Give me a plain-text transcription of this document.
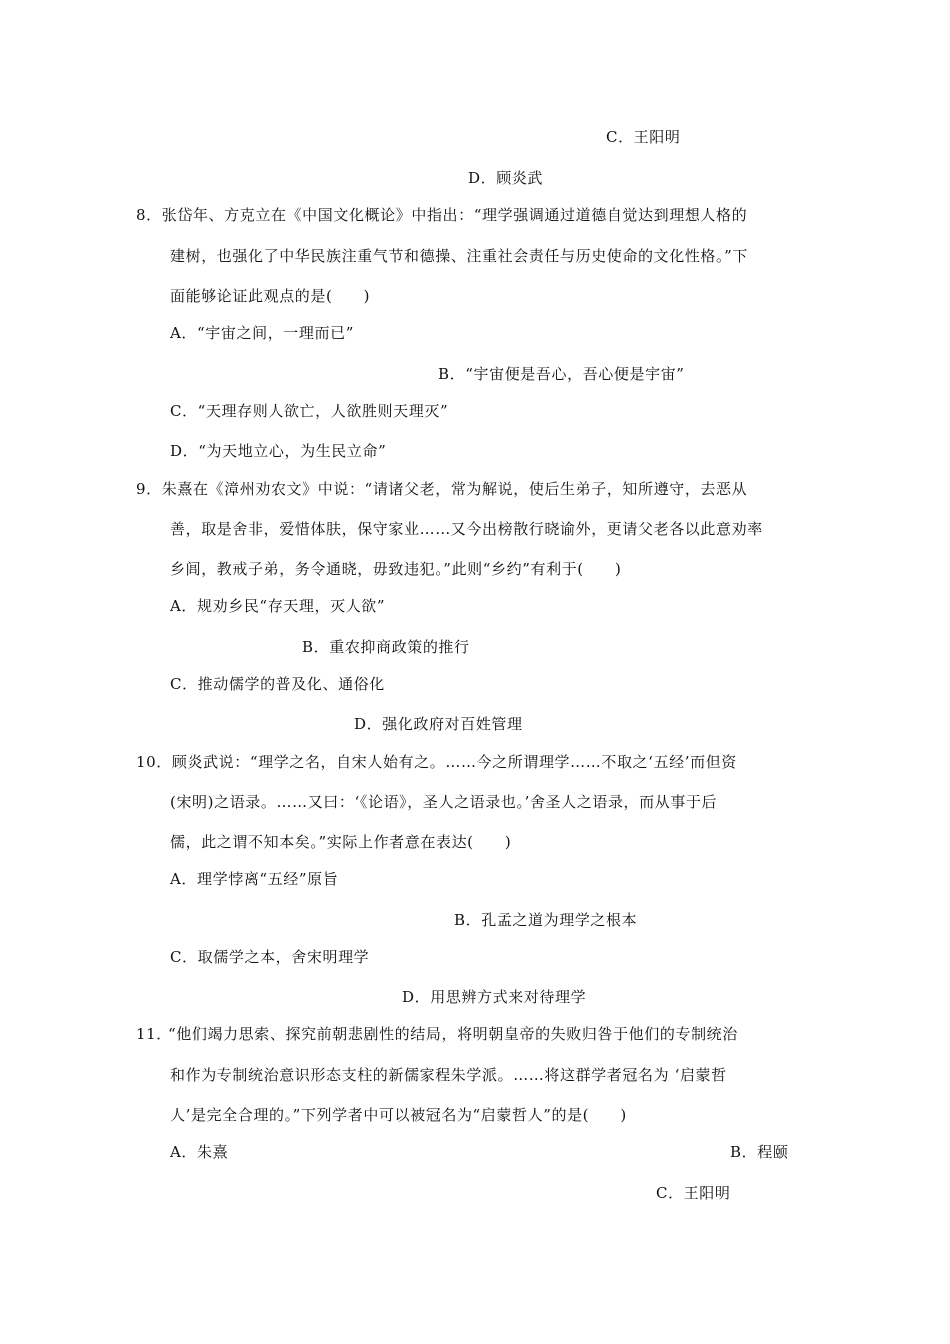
C．王阳明
D．顾炎武
8．张岱年、方克立在《中国文化概论》中指出：“理学强调通过道德自觉达到理想人格的
建树，也强化了中华民族注重气节和德操、注重社会责任与历史使命的文化性格。”下
面能够论证此观点的是(　　)
A．“宇宙之间，一理而已”
B．“宇宙便是吾心，吾心便是宇宙”
C．“天理存则人欲亡，人欲胜则天理灭”
D．“为天地立心，为生民立命”
9．朱熹在《漳州劝农文》中说：“请诸父老，常为解说，使后生弟子，知所遵守，去恶从
善，取是舍非，爱惜体肤，保守家业……又今出榜散行晓谕外，更请父老各以此意劝率
乡闾，教戒子弟，务令通晓，毋致违犯。”此则“乡约”有利于(　　)
A．规劝乡民“存天理，灭人欲”
B．重农抑商政策的推行
C．推动儒学的普及化、通俗化
D．强化政府对百姓管理
10．顾炎武说：“理学之名，自宋人始有之。……今之所谓理学……不取之‘五经’而但资
(宋明)之语录。……又曰：‘《论语》，圣人之语录也。’舍圣人之语录，而从事于后
儒，此之谓不知本矣。”实际上作者意在表达(　　)
A．理学悖离“五经”原旨
B．孔孟之道为理学之根本
C．取儒学之本，舍宋明理学
D．用思辨方式来对待理学
11．
“他们竭力思索、探究前朝悲剧性的结局，将明朝皇帝的失败归咎于他们的专制统治
和作为专制统治意识形态支柱的新儒家程朱学派。……将这群学者冠名为 ‘启蒙哲
人’是完全合理的。”下列学者中可以被冠名为“启蒙哲人”的是(　　)
A．朱熹	B．程颐
C．王阳明
